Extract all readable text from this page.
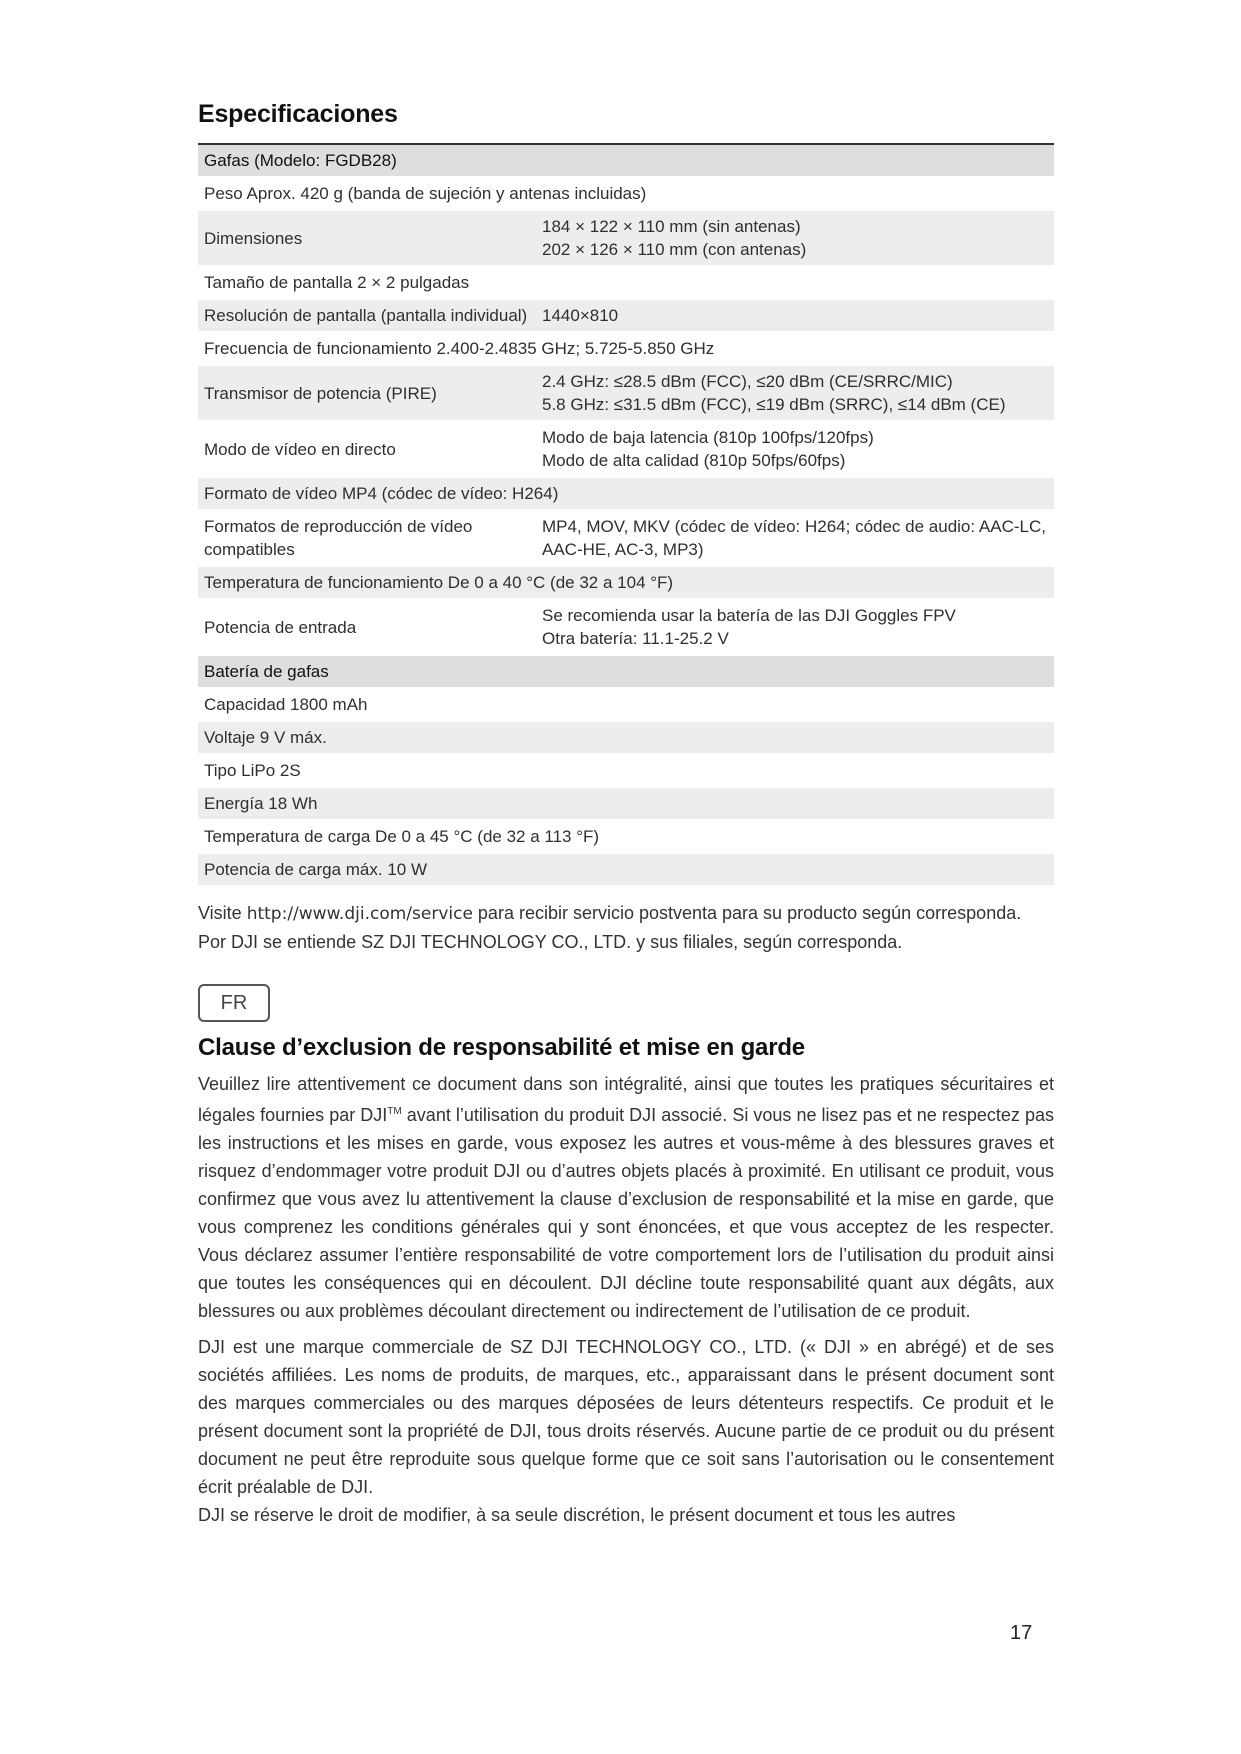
Especificaciones
Gafas (Modelo: FGDB28)	
Peso Aprox. 420 g (banda de sujeción y antenas incluidas)	
Dimensiones	184 × 122 × 110 mm (sin antenas)
202 × 126 × 110 mm (con antenas)

Tamaño de pantalla 2 × 2 pulgadas	
Resolución de pantalla (pantalla individual)	1440×810

Frecuencia de funcionamiento 2.400-2.4835 GHz; 5.725-5.850 GHz	
Transmisor de potencia (PIRE)	2.4 GHz: ≤28.5 dBm (FCC), ≤20 dBm (CE/SRRC/MIC)
5.8 GHz: ≤31.5 dBm (FCC), ≤19 dBm (SRRC), ≤14 dBm (CE)

Modo de vídeo en directo	Modo de baja latencia (810p 100fps/120fps)
Modo de alta calidad (810p 50fps/60fps)

Formato de vídeo MP4 (códec de vídeo: H264)	
Formatos de reproducción de vídeo compatibles	MP4, MOV, MKV (códec de vídeo: H264; códec de audio: AAC-LC, AAC-HE, AC-3, MP3)

Temperatura de funcionamiento De 0 a 40 °C (de 32 a 104 °F)	
Potencia de entrada	Se recomienda usar la batería de las DJI Goggles FPV
Otra batería: 11.1-25.2 V

Batería de gafas	
Capacidad 1800 mAh	
Voltaje 9 V máx.	
Tipo LiPo 2S	
Energía 18 Wh	
Temperatura de carga De 0 a 45 °C (de 32 a 113 °F)	
Potencia de carga máx. 10 W	
Visite http://www.dji.com/service para recibir servicio postventa para su producto según corresponda.
Por DJI se entiende SZ DJI TECHNOLOGY CO., LTD. y sus filiales, según corresponda.
FR
Clause d’exclusion de responsabilité et mise en garde

Veuillez lire attentivement ce document dans son intégralité, ainsi que toutes les pratiques sécuritaires et légales fournies par DJI™ avant l’utilisation du produit DJI associé. Si vous ne lisez pas et ne respectez pas les instructions et les mises en garde, vous exposez les autres et vous-même à des blessures graves et risquez d’endommager votre produit DJI ou d’autres objets placés à proximité. En utilisant ce produit, vous confirmez que vous avez lu attentivement la clause d’exclusion de responsabilité et la mise en garde, que vous comprenez les conditions générales qui y sont énoncées, et que vous acceptez de les respecter. Vous déclarez assumer l’entière responsabilité de votre comportement lors de l’utilisation du produit ainsi que toutes les conséquences qui en découlent. DJI décline toute responsabilité quant aux dégâts, aux blessures ou aux problèmes découlant directement ou indirectement de l’utilisation de ce produit.

DJI est une marque commerciale de SZ DJI TECHNOLOGY CO., LTD. (« DJI » en abrégé) et de ses sociétés affiliées. Les noms de produits, de marques, etc., apparaissant dans le présent document sont des marques commerciales ou des marques déposées de leurs détenteurs respectifs. Ce produit et le présent document sont la propriété de DJI, tous droits réservés. Aucune partie de ce produit ou du présent document ne peut être reproduite sous quelque forme que ce soit sans l’autorisation ou le consentement écrit préalable de DJI.
DJI se réserve le droit de modifier, à sa seule discrétion, le présent document et tous les autres

17
